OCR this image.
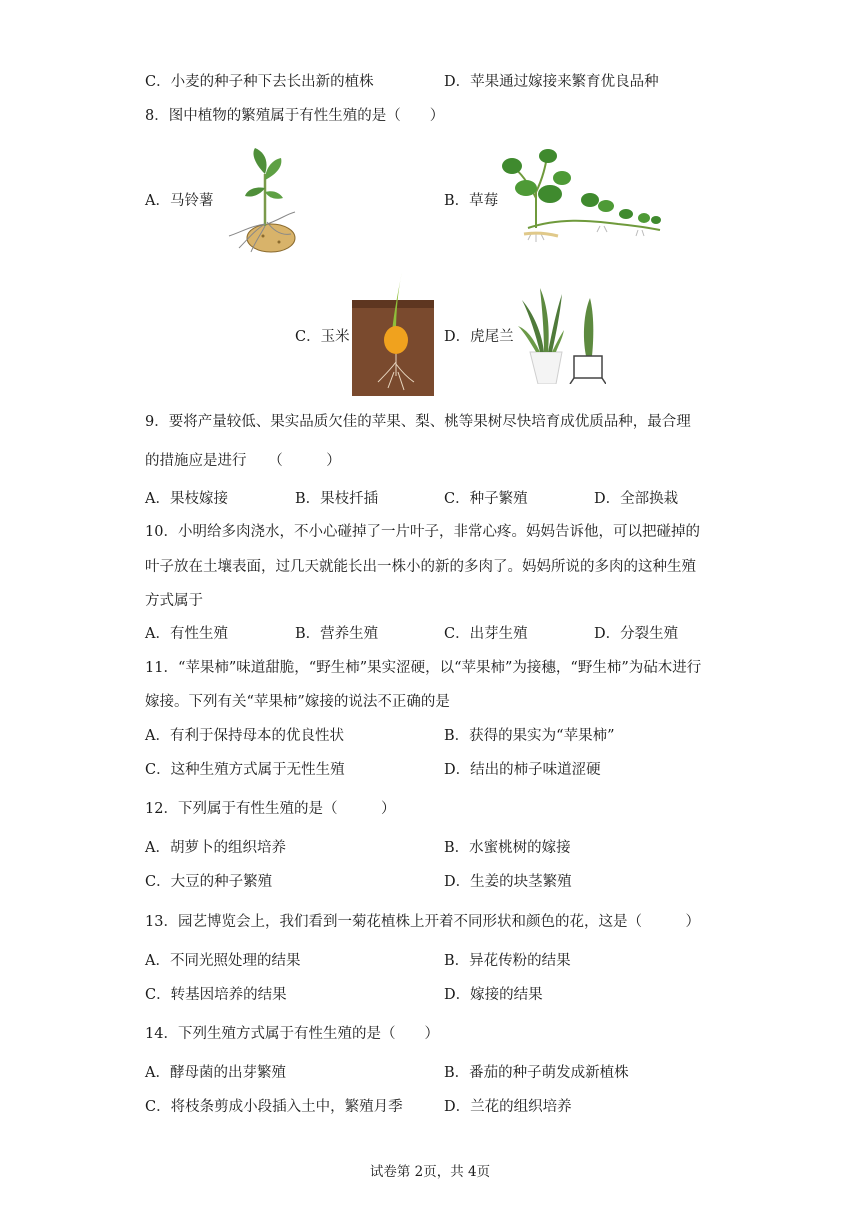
C．小麦的种子种下去长出新的植株	D．苹果通过嫁接来繁育优良品种
8．图中植物的繁殖属于有性生殖的是（　　）
A．马铃薯	B．草莓
C．玉米	D．虎尾兰
9．要将产量较低、果实品质欠佳的苹果、梨、桃等果树尽快培育成优质品种，最合理
的措施应是进行　　（　　　）
A．果枝嫁接	B．果枝扦插	C．种子繁殖	D．全部换栽
10．小明给多肉浇水，不小心碰掉了一片叶子，非常心疼。妈妈告诉他，可以把碰掉的
叶子放在土壤表面，过几天就能长出一株小的新的多肉了。妈妈所说的多肉的这种生殖
方式属于
A．有性生殖	B．营养生殖	C．出芽生殖	D．分裂生殖
11．“苹果柿”味道甜脆，“野生柿”果实涩硬，以“苹果柿”为接穗，“野生柿”为砧木进行
嫁接。下列有关“苹果柿”嫁接的说法不正确的是
A．有利于保持母本的优良性状	B．获得的果实为“苹果柿”
C．这种生殖方式属于无性生殖	D．结出的柿子味道涩硬
12．下列属于有性生殖的是（　　　）
A．胡萝卜的组织培养	B．水蜜桃树的嫁接
C．大豆的种子繁殖	D．生姜的块茎繁殖
13．园艺博览会上，我们看到一菊花植株上开着不同形状和颜色的花，这是（　　　）
A．不同光照处理的结果	B．异花传粉的结果
C．转基因培养的结果	D．嫁接的结果
14．下列生殖方式属于有性生殖的是（　　）
A．酵母菌的出芽繁殖	B．番茄的种子萌发成新植株
C．将枝条剪成小段插入土中，繁殖月季	D．兰花的组织培养
试卷第 2页，共 4页
